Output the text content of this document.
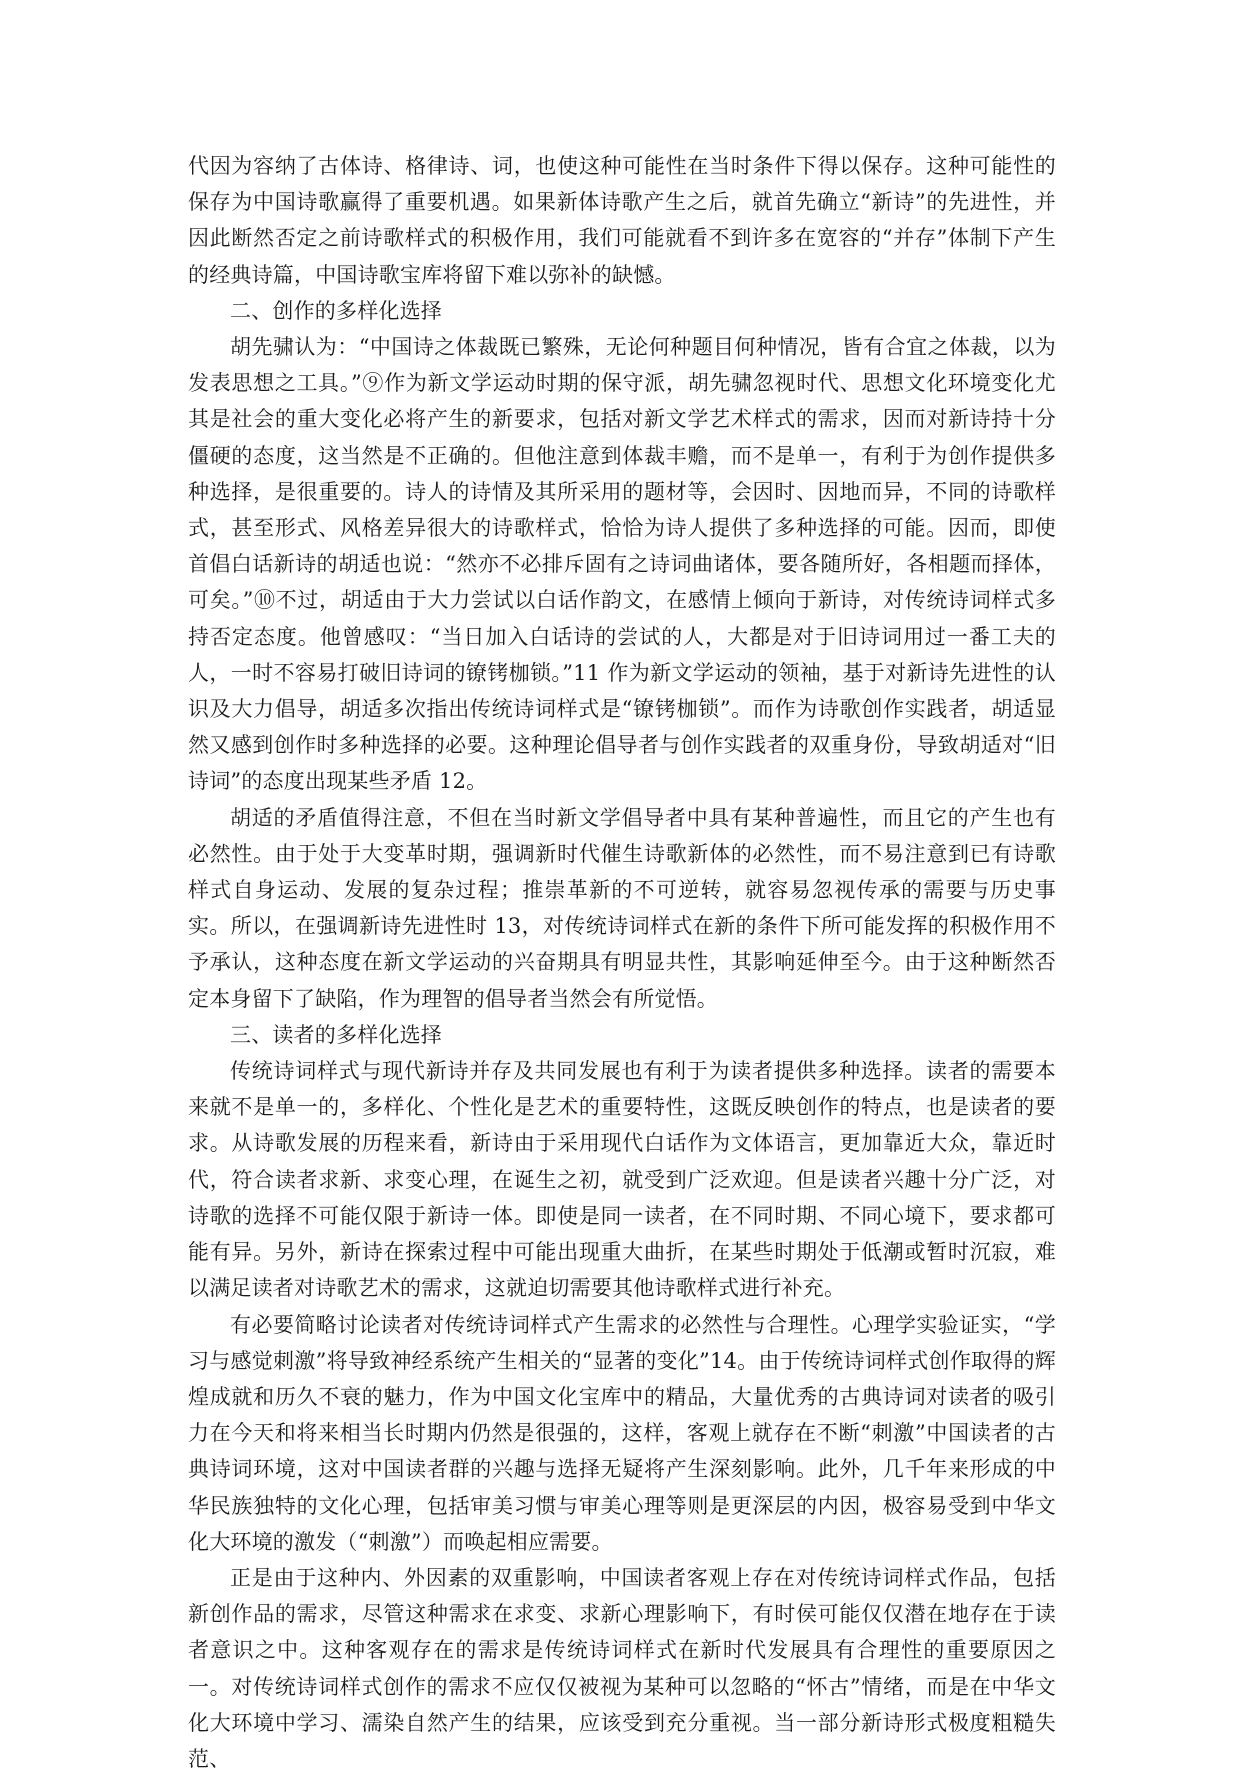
代因为容纳了古体诗、格律诗、词，也使这种可能性在当时条件下得以保存。这种可能性的保存为中国诗歌赢得了重要机遇。如果新体诗歌产生之后，就首先确立“新诗”的先进性，并因此断然否定之前诗歌样式的积极作用，我们可能就看不到许多在宽容的“并存”体制下产生的经典诗篇，中国诗歌宝库将留下难以弥补的缺憾。

二、创作的多样化选择

胡先骕认为：“中国诗之体裁既已繁殊，无论何种题目何种情况，皆有合宜之体裁，以为发表思想之工具。”⑨作为新文学运动时期的保守派，胡先骕忽视时代、思想文化环境变化尤其是社会的重大变化必将产生的新要求，包括对新文学艺术样式的需求，因而对新诗持十分僵硬的态度，这当然是不正确的。但他注意到体裁丰赡，而不是单一，有利于为创作提供多种选择，是很重要的。诗人的诗情及其所采用的题材等，会因时、因地而异，不同的诗歌样式，甚至形式、风格差异很大的诗歌样式，恰恰为诗人提供了多种选择的可能。因而，即使首倡白话新诗的胡适也说：“然亦不必排斥固有之诗词曲诸体，要各随所好，各相题而择体，可矣。”⑩不过，胡适由于大力尝试以白话作韵文，在感情上倾向于新诗，对传统诗词样式多持否定态度。他曾感叹：“当日加入白话诗的尝试的人，大都是对于旧诗词用过一番工夫的人，一时不容易打破旧诗词的镣铐枷锁。”11 作为新文学运动的领袖，基于对新诗先进性的认识及大力倡导，胡适多次指出传统诗词样式是“镣铐枷锁”。而作为诗歌创作实践者，胡适显然又感到创作时多种选择的必要。这种理论倡导者与创作实践者的双重身份，导致胡适对“旧诗词”的态度出现某些矛盾 12。

胡适的矛盾值得注意，不但在当时新文学倡导者中具有某种普遍性，而且它的产生也有必然性。由于处于大变革时期，强调新时代催生诗歌新体的必然性，而不易注意到已有诗歌样式自身运动、发展的复杂过程；推崇革新的不可逆转，就容易忽视传承的需要与历史事实。所以，在强调新诗先进性时 13，对传统诗词样式在新的条件下所可能发挥的积极作用不予承认，这种态度在新文学运动的兴奋期具有明显共性，其影响延伸至今。由于这种断然否定本身留下了缺陷，作为理智的倡导者当然会有所觉悟。

三、读者的多样化选择

传统诗词样式与现代新诗并存及共同发展也有利于为读者提供多种选择。读者的需要本来就不是单一的，多样化、个性化是艺术的重要特性，这既反映创作的特点，也是读者的要求。从诗歌发展的历程来看，新诗由于采用现代白话作为文体语言，更加靠近大众，靠近时代，符合读者求新、求变心理，在诞生之初，就受到广泛欢迎。但是读者兴趣十分广泛，对诗歌的选择不可能仅限于新诗一体。即使是同一读者，在不同时期、不同心境下，要求都可能有异。另外，新诗在探索过程中可能出现重大曲折，在某些时期处于低潮或暂时沉寂，难以满足读者对诗歌艺术的需求，这就迫切需要其他诗歌样式进行补充。

有必要简略讨论读者对传统诗词样式产生需求的必然性与合理性。心理学实验证实，“学习与感觉刺激”将导致神经系统产生相关的“显著的变化”14。由于传统诗词样式创作取得的辉煌成就和历久不衰的魅力，作为中国文化宝库中的精品，大量优秀的古典诗词对读者的吸引力在今天和将来相当长时期内仍然是很强的，这样，客观上就存在不断“刺激”中国读者的古典诗词环境，这对中国读者群的兴趣与选择无疑将产生深刻影响。此外，几千年来形成的中华民族独特的文化心理，包括审美习惯与审美心理等则是更深层的内因，极容易受到中华文化大环境的激发（“刺激”）而唤起相应需要。

正是由于这种内、外因素的双重影响，中国读者客观上存在对传统诗词样式作品，包括新创作品的需求，尽管这种需求在求变、求新心理影响下，有时侯可能仅仅潜在地存在于读者意识之中。这种客观存在的需求是传统诗词样式在新时代发展具有合理性的重要原因之一。对传统诗词样式创作的需求不应仅仅被视为某种可以忽略的“怀古”情绪，而是在中华文化大环境中学习、濡染自然产生的结果，应该受到充分重视。当一部分新诗形式极度粗糙失范、
